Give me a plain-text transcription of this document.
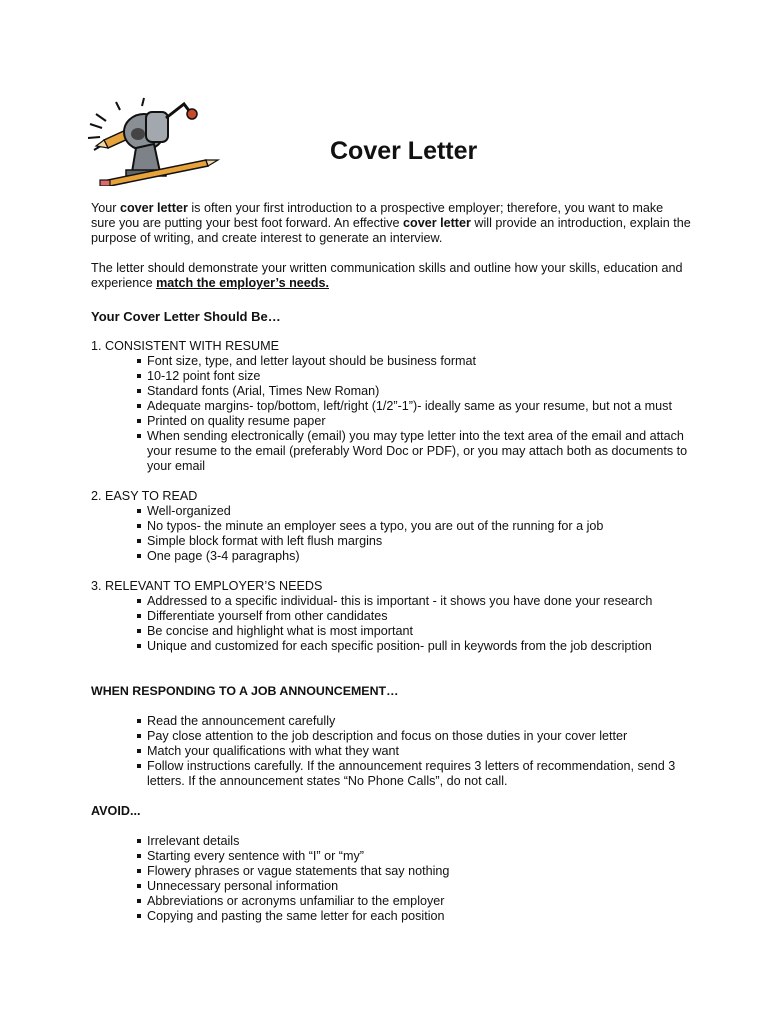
Cover Letter

Your cover letter is often your first introduction to a prospective employer; therefore, you want to make sure you are putting your best foot forward. An effective cover letter will provide an introduction, explain the purpose of writing, and create interest to generate an interview.

The letter should demonstrate your written communication skills and outline how your skills, education and experience match the employer’s needs.

Your Cover Letter Should Be…

1. CONSISTENT WITH RESUME

Font size, type, and letter layout should be business format
10-12 point font size
Standard fonts (Arial, Times New Roman)
Adequate margins- top/bottom, left/right (1/2”-1”)- ideally same as your resume, but not a must
Printed on quality resume paper
When sending electronically (email) you may type letter into the text area of the email and attach your resume to the email (preferably Word Doc or PDF), or you may attach both as documents to your email

2. EASY TO READ

Well-organized
No typos- the minute an employer sees a typo, you are out of the running for a job
Simple block format with left flush margins
One page (3-4 paragraphs)

3. RELEVANT TO EMPLOYER’S NEEDS

Addressed to a specific individual- this is important - it shows you have done your research
Differentiate yourself from other candidates
Be concise and highlight what is most important
Unique and customized for each specific position- pull in keywords from the job description

WHEN RESPONDING TO A JOB ANNOUNCEMENT…

Read the announcement carefully
Pay close attention to the job description and focus on those duties in your cover letter
Match your qualifications with what they want
Follow instructions carefully. If the announcement requires 3 letters of recommendation, send 3 letters. If the announcement states “No Phone Calls”, do not call.

AVOID...

Irrelevant details
Starting every sentence with “I” or “my”
Flowery phrases or vague statements that say nothing
Unnecessary personal information
Abbreviations or acronyms unfamiliar to the employer
Copying and pasting the same letter for each position
